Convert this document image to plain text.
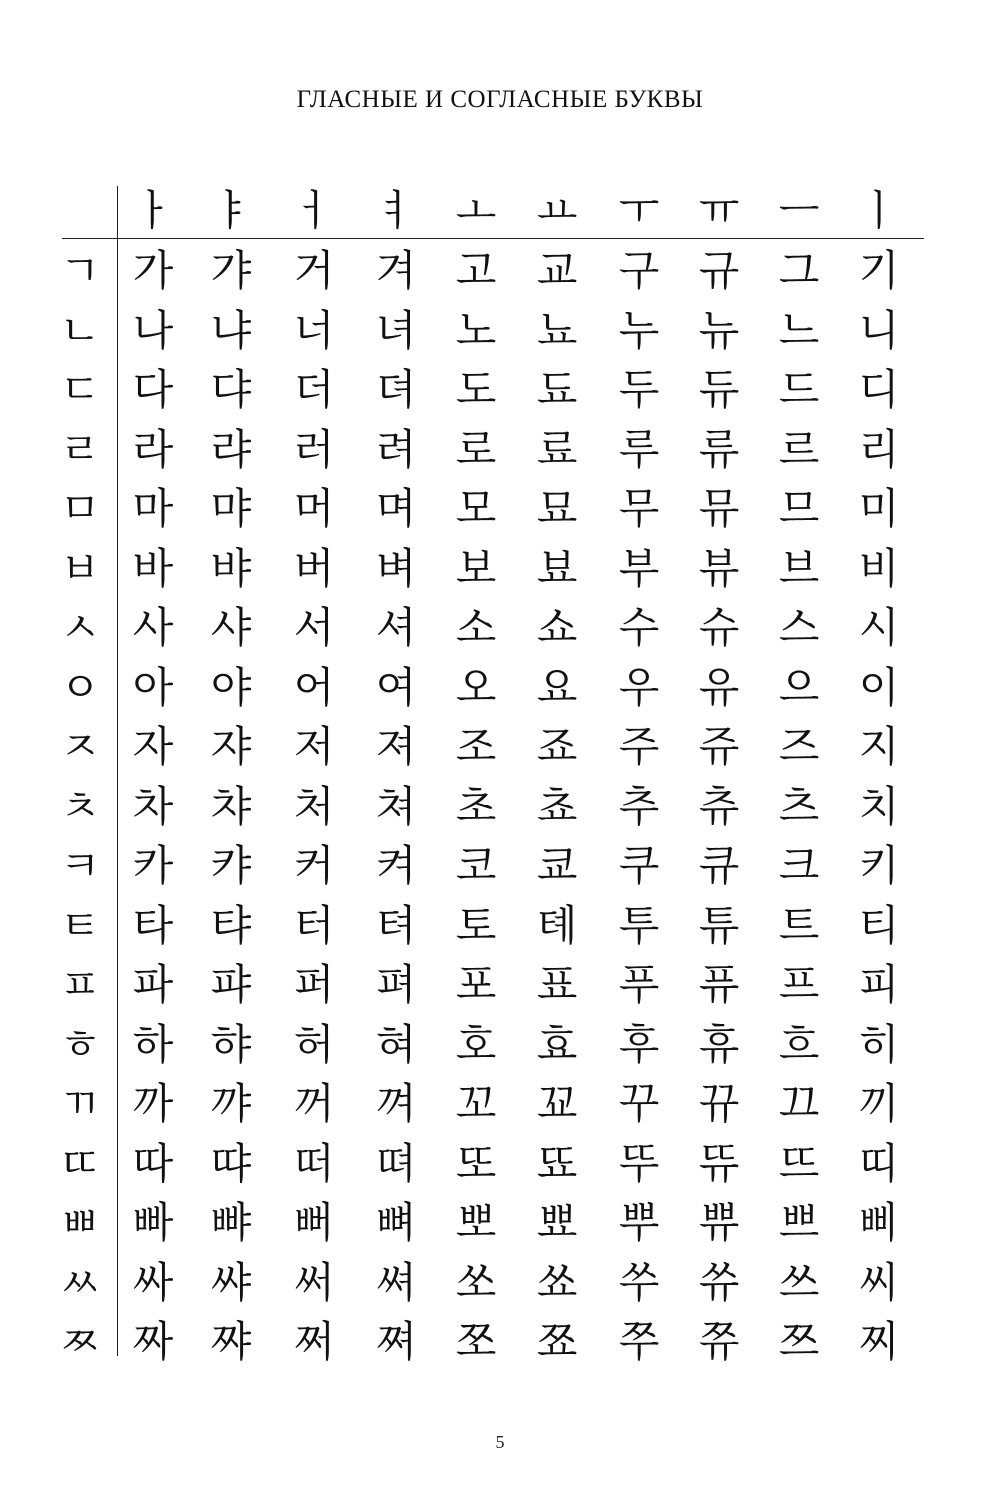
ГЛАСНЫЕ И СОГЛАСНЫЕ БУКВЫ
ㅏ ㅑ	ㅓ ㅕ ㅗ ㅛ ㅜ ㅠ ㅡ ㅣ
ㄱ 가 갸	거 겨 고 교 구 규 그 기
ㄴ 나 냐	너 녀 노 뇨 누 뉴 느 니
ㄷ 다 댜	더 뎌 도 됴 두 듀 드 디
ㄹ 라 랴	러 려 로 료 루 류 르 리
ㅁ 마 먀	머 며 모 묘 무 뮤 므 미
ㅂ 바 뱌	버 벼 보 뵤 부 뷰 브 비
ㅅ 사 샤	서 셔 소 쇼 수 슈 스 시
ㅇ 아 야	어 여 오 요 우 유 으 이
ㅈ 자 쟈	저 져 조 죠 주 쥬 즈 지
ㅊ 차 챠	처 쳐 초 쵸 추 츄 츠 치
ㅋ 카 캬	커 켜 코 쿄 쿠 큐 크 키
ㅌ 타 탸	터 텨 토 톄 투 튜 트 티
ㅍ 파 퍄	퍼 펴 포 표 푸 퓨 프 피
ㅎ 하 햐	허 혀 호 효 후 휴 흐 히
ㄲ 까 꺄	꺼 껴 꼬 꾜 꾸 뀨 끄 끼
ㄸ 따 땨	떠 뗘 또 뚀 뚜 뜌 뜨 띠
ㅃ 빠 뺘	뻐 뼈 뽀 뾰 뿌 쀼 쁘 삐
ㅆ 싸 쌰	써 쎠 쏘 쑈 쑤 쓔 쓰 씨
ㅉ 짜 쨔	쩌 쪄 쪼 쬬 쭈 쮸 쯔 찌
5
